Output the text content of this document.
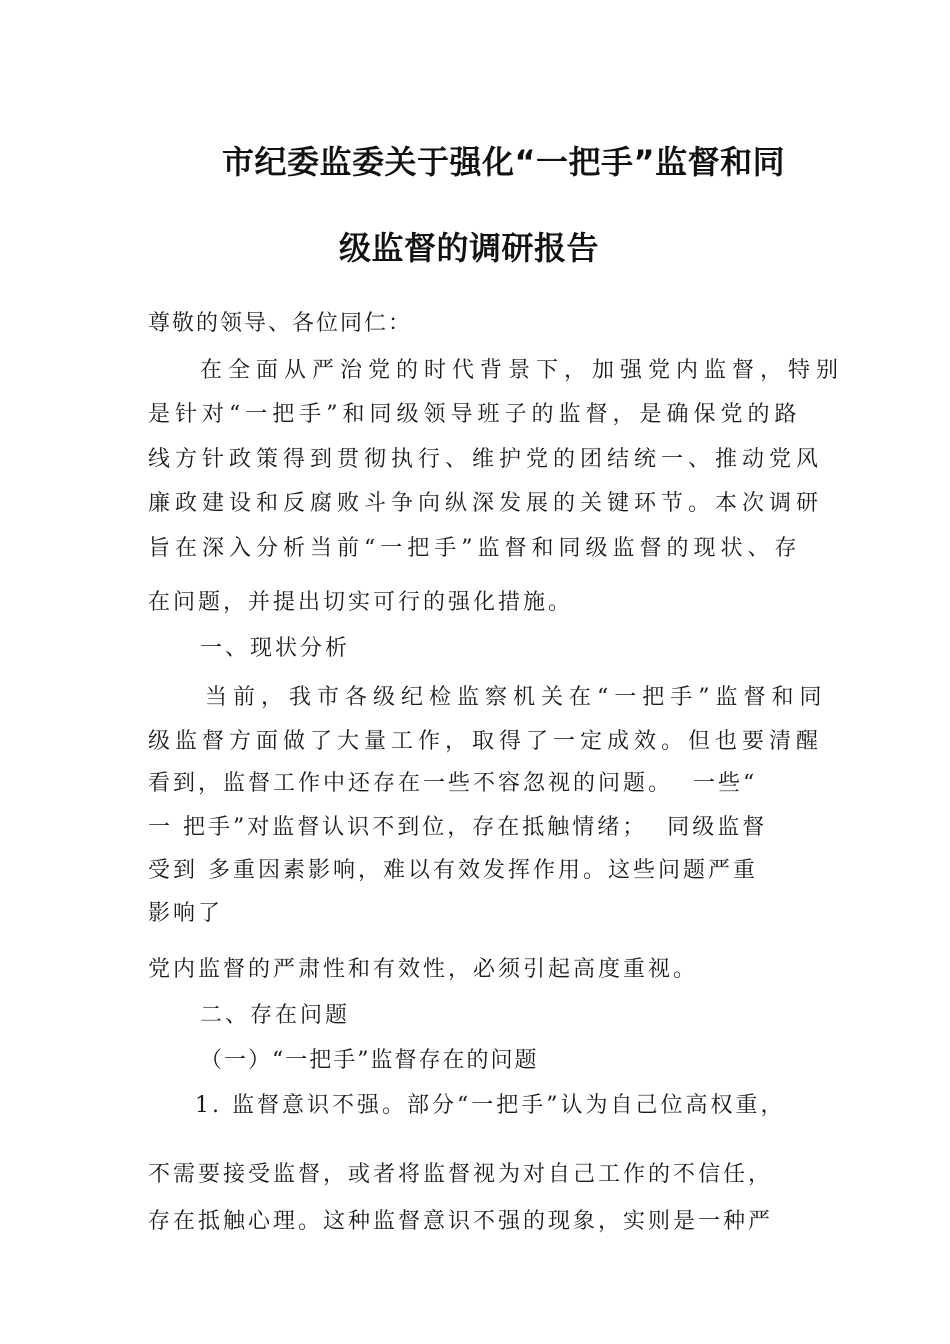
市纪委监委关于强化“一把手”监督和同
级监督的调研报告
尊敬的领导、各位同仁：
在全面从严治党的时代背景下，加强党内监督，特别
是针对“一把手”和同级领导班子的监督，是确保党的路
线方针政策得到贯彻执行、维护党的团结统一、推动党风
廉政建设和反腐败斗争向纵深发展的关键环节。本次调研
旨在深入分析当前“一把手”监督和同级监督的现状、存
在问题，并提出切实可行的强化措施。
一、现状分析
当前，我市各级纪检监察机关在“一把手”监督和同
级监督方面做了大量工作，取得了一定成效。但也要清醒
看到，监督工作中还存在一些不容忽视的问题。  一些“
一 把手”对监督认识不到位，存在抵触情绪；  同级监督
受到 多重因素影响，难以有效发挥作用。这些问题严重
影响了
党内监督的严肃性和有效性，必须引起高度重视。
二、存在问题
（一）“一把手”监督存在的问题
1. 监督意识不强。部分“一把手”认为自己位高权重，
不需要接受监督，或者将监督视为对自己工作的不信任，
存在抵触心理。这种监督意识不强的现象，实则是一种严
